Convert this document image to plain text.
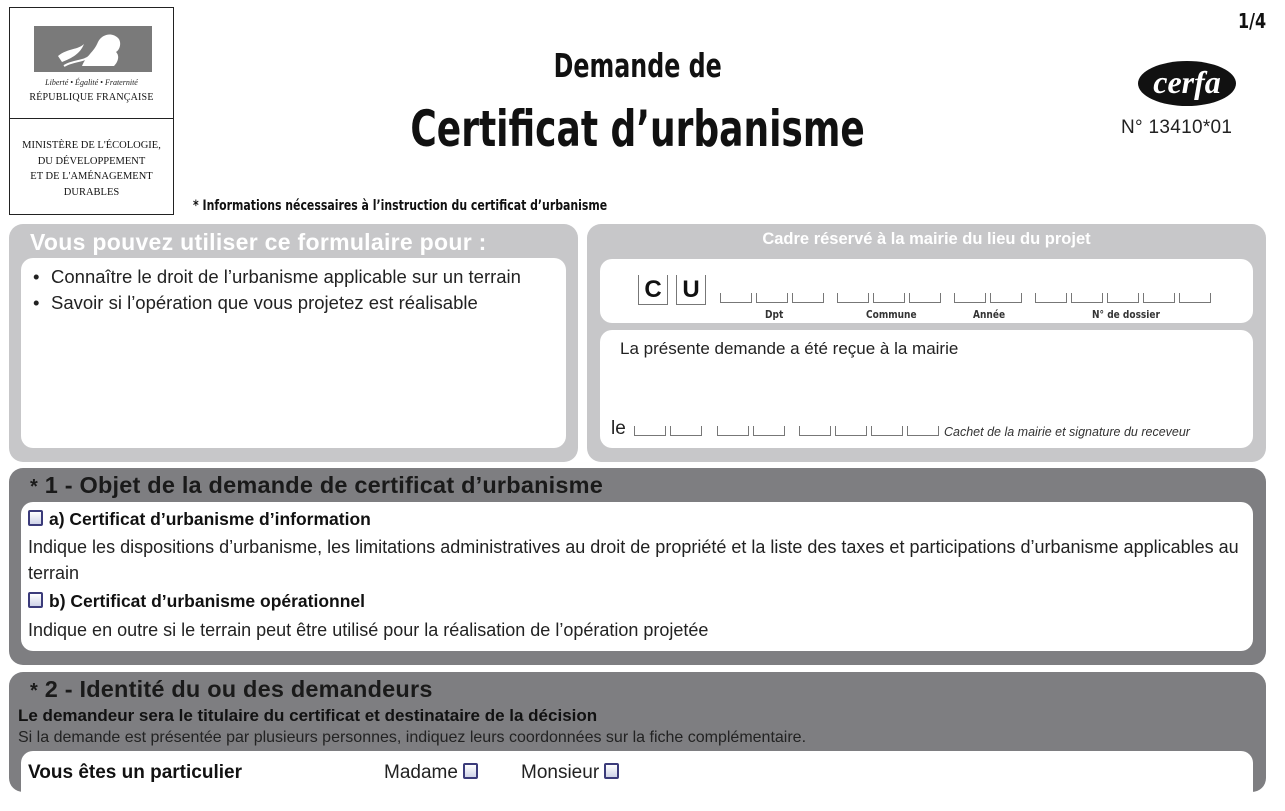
Liberté • Égalité • Fraternité
RÉPUBLIQUE FRANÇAISE
MINISTÈRE DE L'ÉCOLOGIE,
DU DÉVELOPPEMENT
ET DE L'AMÉNAGEMENT
DURABLES
1/4
Demande de
Certificat d’urbanisme
* Informations nécessaires à l’instruction du certificat d’urbanisme
cerfa
N° 13410*01
Vous pouvez utiliser ce formulaire pour :
• Connaître le droit de l’urbanisme applicable sur un terrain
• Savoir si l’opération que vous projetez est réalisable
Cadre réservé à la mairie du lieu du projet
C U
Dpt	Commune	Année	N° de dossier
La présente demande a été reçue à la mairie
le	Cachet de la mairie et signature du receveur
* 1 - Objet de la demande de certificat d’urbanisme
a) Certificat d’urbanisme d’information
Indique les dispositions d’urbanisme, les limitations administratives au droit de propriété et la liste des taxes et participations d’urbanisme applicables au terrain
b) Certificat d’urbanisme opérationnel
Indique en outre si le terrain peut être utilisé pour la réalisation de l’opération projetée
* 2 - Identité du ou des demandeurs
Le demandeur sera le titulaire du certificat et destinataire de la décision
Si la demande est présentée par plusieurs personnes, indiquez leurs coordonnées sur la fiche complémentaire.
Vous êtes un particulier	Madame	Monsieur
